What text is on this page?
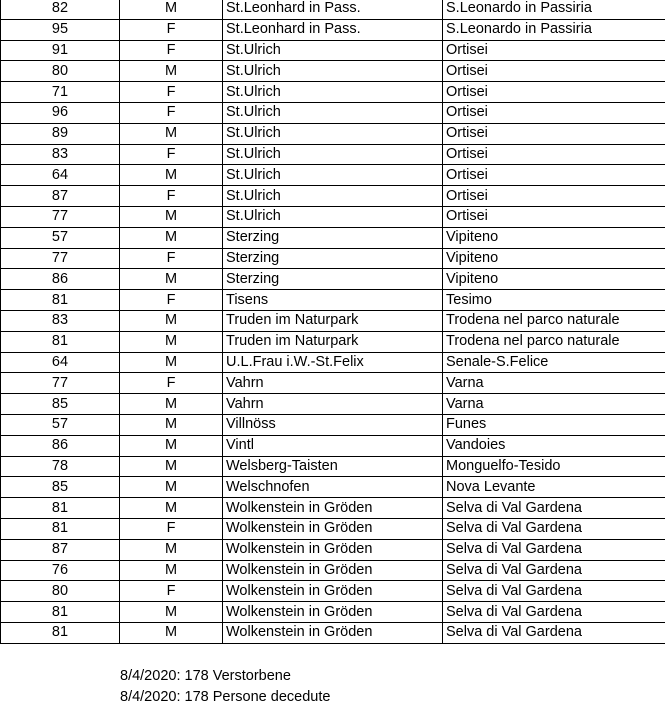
82	M	St.Leonhard in Pass.	S.Leonardo in Passiria
95	F	St.Leonhard in Pass.	S.Leonardo in Passiria
91	F	St.Ulrich	Ortisei
80	M	St.Ulrich	Ortisei
71	F	St.Ulrich	Ortisei
96	F	St.Ulrich	Ortisei
89	M	St.Ulrich	Ortisei
83	F	St.Ulrich	Ortisei
64	M	St.Ulrich	Ortisei
87	F	St.Ulrich	Ortisei
77	M	St.Ulrich	Ortisei
57	M	Sterzing	Vipiteno
77	F	Sterzing	Vipiteno
86	M	Sterzing	Vipiteno
81	F	Tisens	Tesimo
83	M	Truden im Naturpark	Trodena nel parco naturale
81	M	Truden im Naturpark	Trodena nel parco naturale
64	M	U.L.Frau i.W.-St.Felix	Senale-S.Felice
77	F	Vahrn	Varna
85	M	Vahrn	Varna
57	M	Villnöss	Funes
86	M	Vintl	Vandoies
78	M	Welsberg-Taisten	Monguelfo-Tesido
85	M	Welschnofen	Nova Levante
81	M	Wolkenstein in Gröden	Selva di Val Gardena
81	F	Wolkenstein in Gröden	Selva di Val Gardena
87	M	Wolkenstein in Gröden	Selva di Val Gardena
76	M	Wolkenstein in Gröden	Selva di Val Gardena
80	F	Wolkenstein in Gröden	Selva di Val Gardena
81	M	Wolkenstein in Gröden	Selva di Val Gardena
81	M	Wolkenstein in Gröden	Selva di Val Gardena
8/4/2020: 178 Verstorbene
8/4/2020: 178 Persone decedute
